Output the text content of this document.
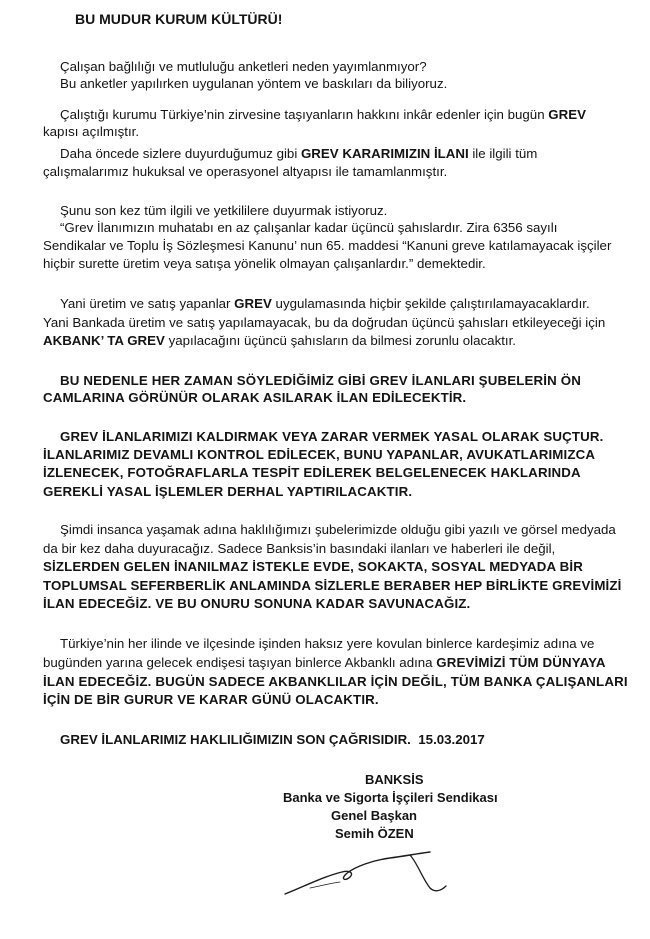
BU MUDUR KURUM KÜLTÜRÜ!
Çalışan bağlılığı ve mutluluğu anketleri neden yayımlanmıyor?
Bu anketler yapılırken uygulanan yöntem ve baskıları da biliyoruz.
Çalıştığı kurumu Türkiye’nin zirvesine taşıyanların hakkını inkâr edenler için bugün GREV
kapısı açılmıştır.
Daha öncede sizlere duyurduğumuz gibi GREV KARARIMIZIN İLANI ile ilgili tüm
çalışmalarımız hukuksal ve operasyonel altyapısı ile tamamlanmıştır.
Şunu son kez tüm ilgili ve yetkililere duyurmak istiyoruz.
“Grev İlanımızın muhatabı en az çalışanlar kadar üçüncü şahıslardır. Zira 6356 sayılı
Sendikalar ve Toplu İş Sözleşmesi Kanunu’ nun 65. maddesi “Kanuni greve katılamayacak işçiler
hiçbir surette üretim veya satışa yönelik olmayan çalışanlardır.” demektedir.
Yani üretim ve satış yapanlar GREV uygulamasında hiçbir şekilde çalıştırılamayacaklardır.
Yani Bankada üretim ve satış yapılamayacak, bu da doğrudan üçüncü şahısları etkileyeceği için
AKBANK’ TA GREV yapılacağını üçüncü şahısların da bilmesi zorunlu olacaktır.
BU NEDENLE HER ZAMAN SÖYLEDİĞİMİZ GİBİ GREV İLANLARI ŞUBELERİN ÖN
CAMLARINA GÖRÜNÜR OLARAK ASILARAK İLAN EDİLECEKTİR.
GREV İLANLARIMIZI KALDIRMAK VEYA ZARAR VERMEK YASAL OLARAK SUÇTUR.
İLANLARIMIZ DEVAMLI KONTROL EDİLECEK, BUNU YAPANLAR, AVUKATLARIMIZCA
İZLENECEK, FOTOĞRAFLARLA TESPİT EDİLEREK BELGELENECEK HAKLARINDA
GEREKLİ YASAL İŞLEMLER DERHAL YAPTIRILACAKTIR.
Şimdi insanca yaşamak adına haklılığımızı şubelerimizde olduğu gibi yazılı ve görsel medyada
da bir kez daha duyuracağız. Sadece Banksis’in basındaki ilanları ve haberleri ile değil,
SİZLERDEN GELEN İNANILMAZ İSTEKLE EVDE, SOKAKTA, SOSYAL MEDYADA BİR
TOPLUMSAL SEFERBERLİK ANLAMINDA SİZLERLE BERABER HEP BİRLİKTE GREVİMİZİ
İLAN EDECEĞİZ. VE BU ONURU SONUNA KADAR SAVUNACAĞIZ.
Türkiye’nin her ilinde ve ilçesinde işinden haksız yere kovulan binlerce kardeşimiz adına ve
bugünden yarına gelecek endişesi taşıyan binlerce Akbanklı adına GREVİMİZİ TÜM DÜNYAYA
İLAN EDECEĞİZ. BUGÜN SADECE AKBANKLILAR İÇİN DEĞİL, TÜM BANKA ÇALIŞANLARI
İÇİN DE BİR GURUR VE KARAR GÜNÜ OLACAKTIR.
GREV İLANLARIMIZ HAKLILIĞIMIZIN SON ÇAĞRISIDIR. 15.03.2017
BANKSİS
Banka ve Sigorta İşçileri Sendikası
Genel Başkan
Semih ÖZEN
